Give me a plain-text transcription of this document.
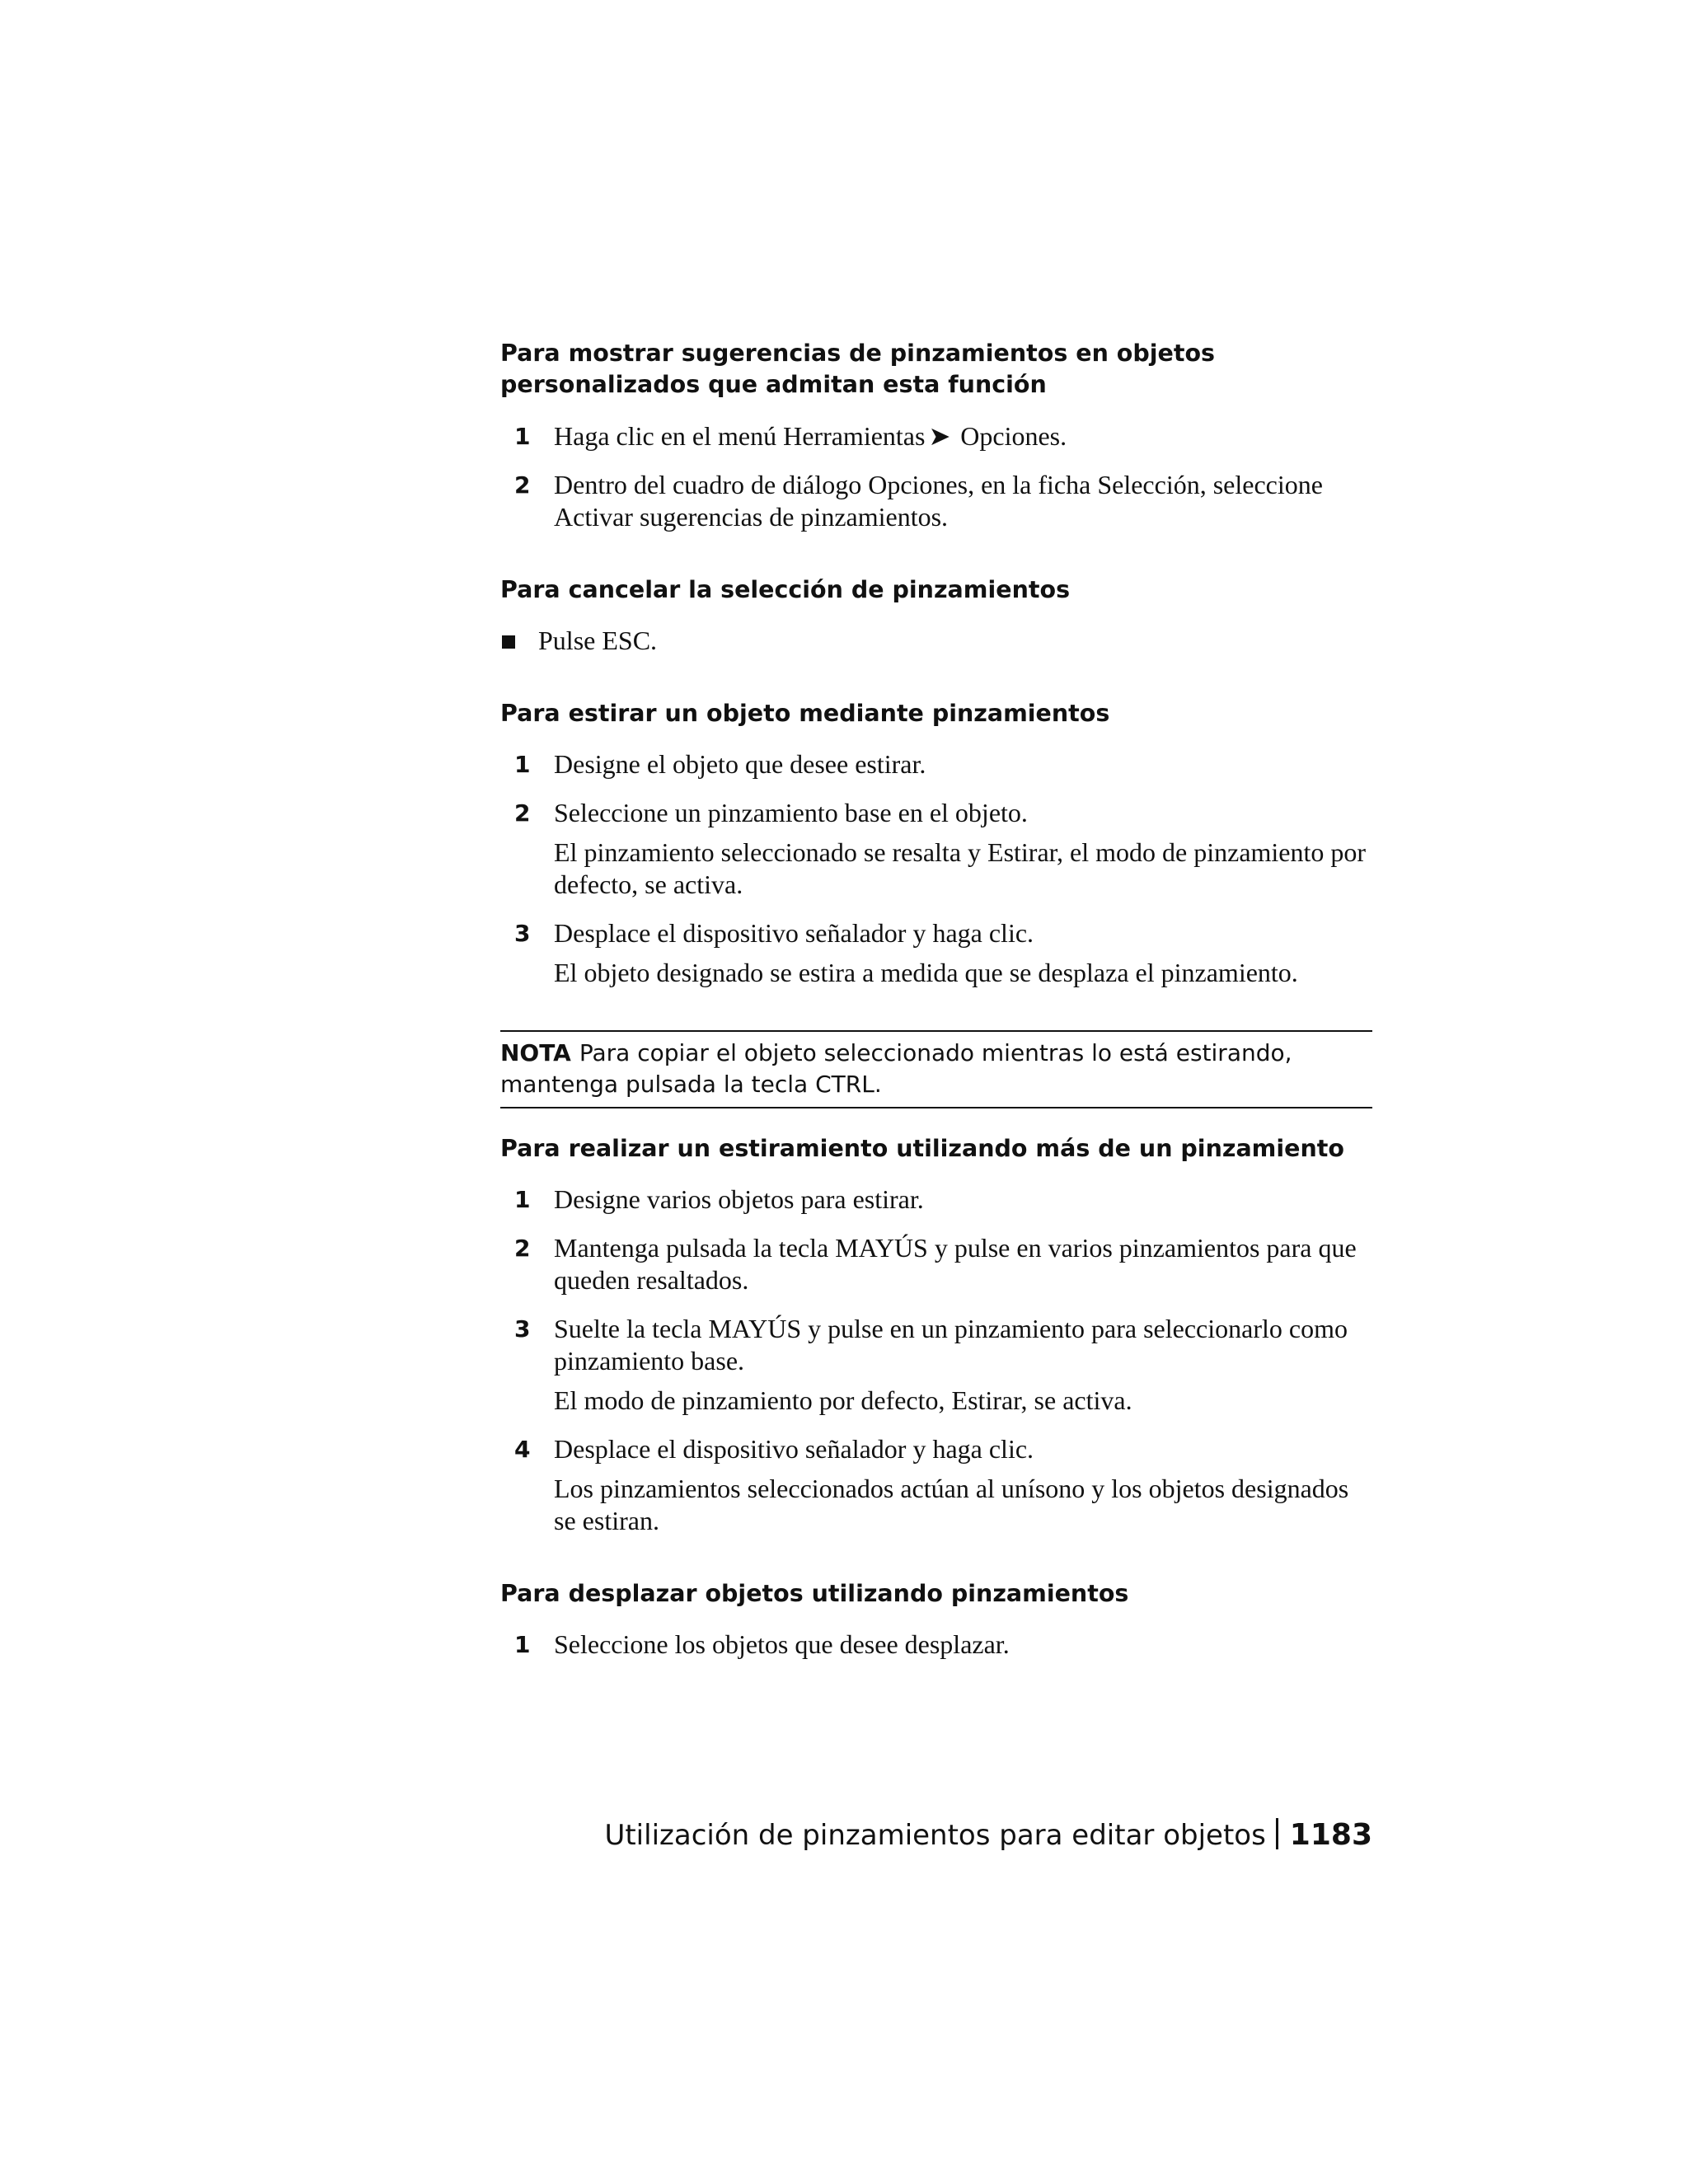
Para mostrar sugerencias de pinzamientos en objetos personalizados que admitan esta función
1 Haga clic en el menú Herramientas ➤ Opciones.

2 Dentro del cuadro de diálogo Opciones, en la ficha Selección, seleccione Activar sugerencias de pinzamientos.

Para cancelar la selección de pinzamientos

Pulse ESC.

Para estirar un objeto mediante pinzamientos
1 Designe el objeto que desee estirar.

2 Seleccione un pinzamiento base en el objeto.

El pinzamiento seleccionado se resalta y Estirar, el modo de pinzamiento por defecto, se activa.

3 Desplace el dispositivo señalador y haga clic.

El objeto designado se estira a medida que se desplaza el pinzamiento.

NOTA Para copiar el objeto seleccionado mientras lo está estirando, mantenga pulsada la tecla CTRL.
Para realizar un estiramiento utilizando más de un pinzamiento
1 Designe varios objetos para estirar.

2 Mantenga pulsada la tecla MAYÚS y pulse en varios pinzamientos para que queden resaltados.

3 Suelte la tecla MAYÚS y pulse en un pinzamiento para seleccionarlo como pinzamiento base.

El modo de pinzamiento por defecto, Estirar, se activa.

4 Desplace el dispositivo señalador y haga clic.

Los pinzamientos seleccionados actúan al unísono y los objetos designados se estiran.

Para desplazar objetos utilizando pinzamientos
1 Seleccione los objetos que desee desplazar.

Utilización de pinzamientos para editar objetos 1183
